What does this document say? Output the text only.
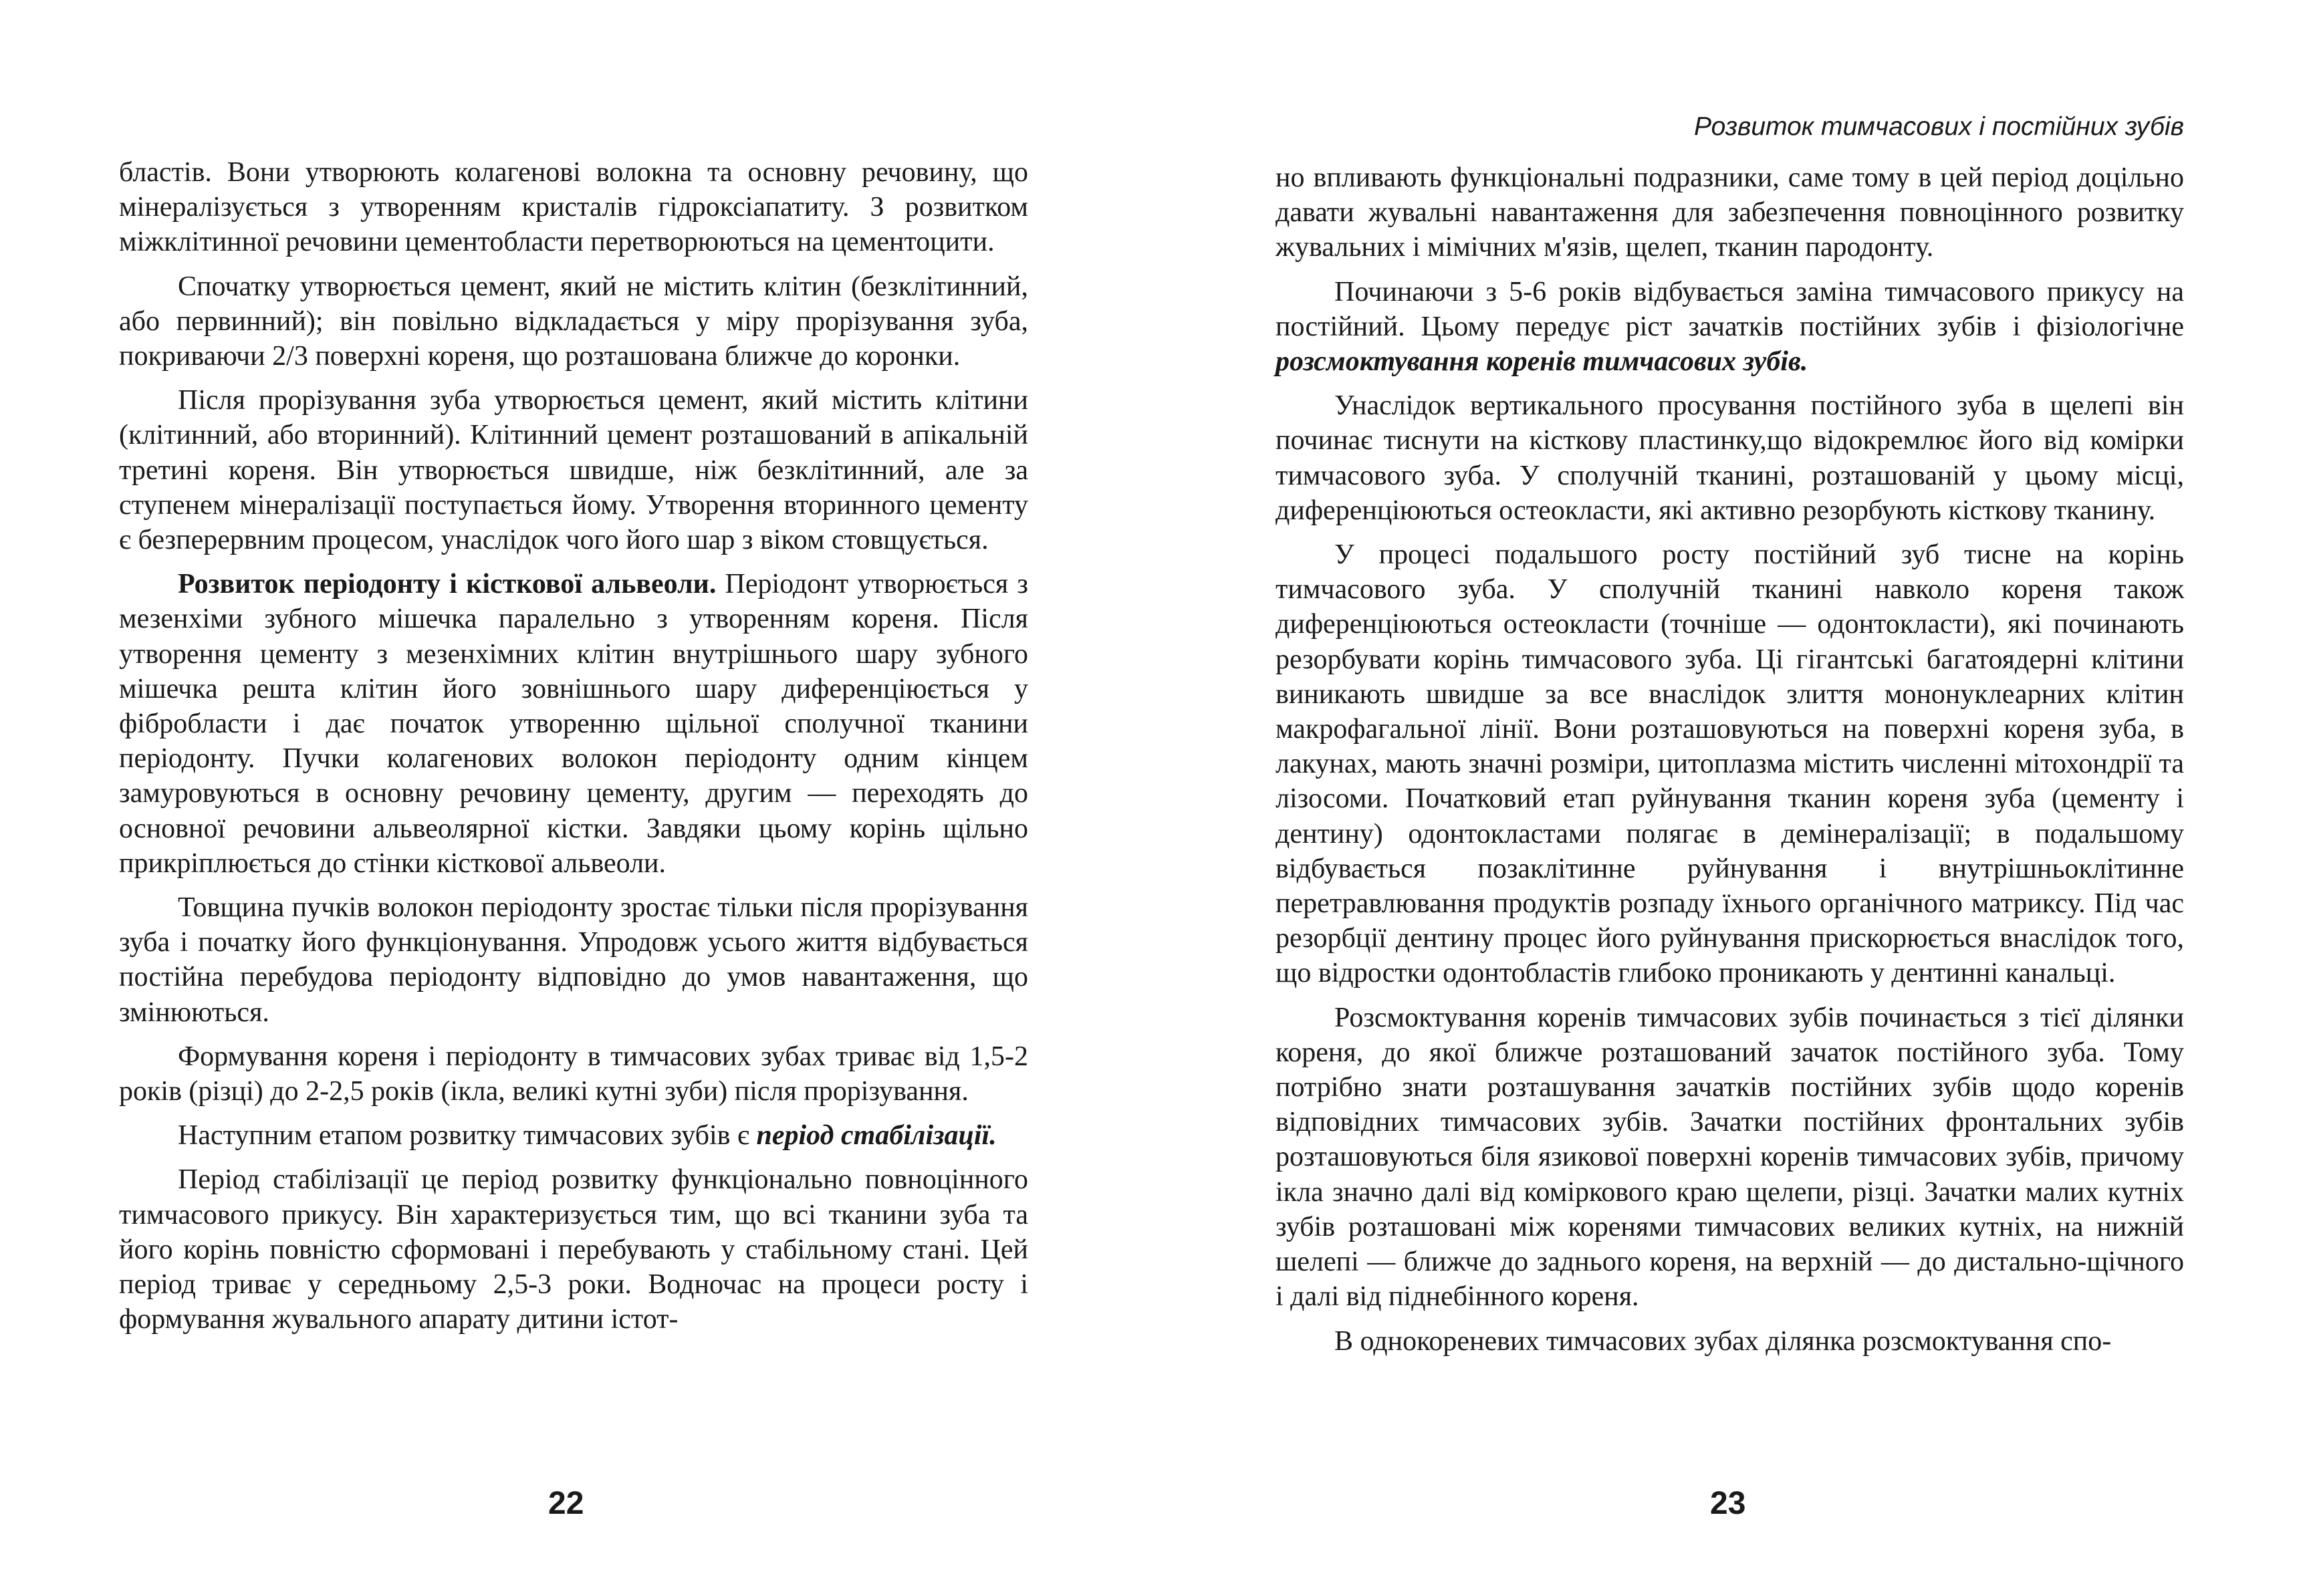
бластів. Вони утворюють колагенові волокна та основну речовину, що мінералізується з утворенням кристалів гідроксіапатиту. З розвитком міжклітинної речовини цементобласти перетворюються на цементоцити.

Спочатку утворюється цемент, який не містить клітин (безклітинний, або первинний); він повільно відкладається у міру прорізування зуба, покриваючи 2/3 поверхні кореня, що розташована ближче до коронки.

Після прорізування зуба утворюється цемент, який містить клітини (клітинний, або вторинний). Клітинний цемент розташований в апікальній третині кореня. Він утворюється швидше, ніж безклітинний, але за ступенем мінералізації поступається йому. Утворення вторинного цементу є безперервним процесом, унаслідок чого його шар з віком стовщується.

Розвиток періодонту і кісткової альвеоли. Періодонт утворюється з мезенхіми зубного мішечка паралельно з утворенням кореня. Після утворення цементу з мезенхімних клітин внутрішнього шару зубного мішечка решта клітин його зовнішнього шару диференціюється у фібробласти і дає початок утворенню щільної сполучної тканини періодонту. Пучки колагенових волокон періодонту одним кінцем замуровуються в основну речовину цементу, другим — переходять до основної речовини альвеолярної кістки. Завдяки цьому корінь щільно прикріплюється до стінки кісткової альвеоли.

Товщина пучків волокон періодонту зростає тільки після прорізування зуба і початку його функціонування. Упродовж усього життя відбувається постійна перебудова періодонту відповідно до умов навантаження, що змінюються.

Формування кореня і періодонту в тимчасових зубах триває від 1,5-2 років (різці) до 2-2,5 років (ікла, великі кутні зуби) після прорізування.

Наступним етапом розвитку тимчасових зубів є період стабілізації.

Період стабілізації це період розвитку функціонально повноцінного тимчасового прикусу. Він характеризується тим, що всі тканини зуба та його корінь повністю сформовані і перебувають у стабільному стані. Цей період триває у середньому 2,5-3 роки. Водночас на процеси росту і формування жувального апарату дитини істот-

22
Розвиток тимчасових і постійних зубів

но впливають функціональні подразники, саме тому в цей період доцільно давати жувальні навантаження для забезпечення повноцінного розвитку жувальних і мімічних м'язів, щелеп, тканин пародонту.

Починаючи з 5-6 років відбувається заміна тимчасового прикусу на постійний. Цьому передує ріст зачатків постійних зубів і фізіологічне розсмоктування коренів тимчасових зубів.

Унаслідок вертикального просування постійного зуба в щелепі він починає тиснути на кісткову пластинку,що відокремлює його від комірки тимчасового зуба. У сполучній тканині, розташованій у цьому місці, диференціюються остеокласти, які активно резорбують кісткову тканину.

У процесі подальшого росту постійний зуб тисне на корінь тимчасового зуба. У сполучній тканині навколо кореня також диференціюються остеокласти (точніше — одонтокласти), які починають резорбувати корінь тимчасового зуба. Ці гігантські багатоядерні клітини виникають швидше за все внаслідок злиття мононуклеарних клітин макрофагальної лінії. Вони розташовуються на поверхні кореня зуба, в лакунах, мають значні розміри, цитоплазма містить численні мітохондрії та лізосоми. Початковий етап руйнування тканин кореня зуба (цементу і дентину) одонтокластами полягає в демінералізації; в подальшому відбувається позаклітинне руйнування і внутрішньоклітинне перетравлювання продуктів розпаду їхнього органічного матриксу. Під час резорбції дентину процес його руйнування прискорюється внаслідок того, що відростки одонтобластів глибоко проникають у дентинні канальці.

Розсмоктування коренів тимчасових зубів починається з тієї ділянки кореня, до якої ближче розташований зачаток постійного зуба. Тому потрібно знати розташування зачатків постійних зубів щодо коренів відповідних тимчасових зубів. Зачатки постійних фронтальних зубів розташовуються біля язикової поверхні коренів тимчасових зубів, причому ікла значно далі від коміркового краю щелепи, різці. Зачатки малих кутніх зубів розташовані між коренями тимчасових великих кутніх, на нижній шелепі — ближче до заднього кореня, на верхній — до дистально-щічного і далі від піднебінного кореня.

В однокореневих тимчасових зубах ділянка розсмоктування спо-

23
